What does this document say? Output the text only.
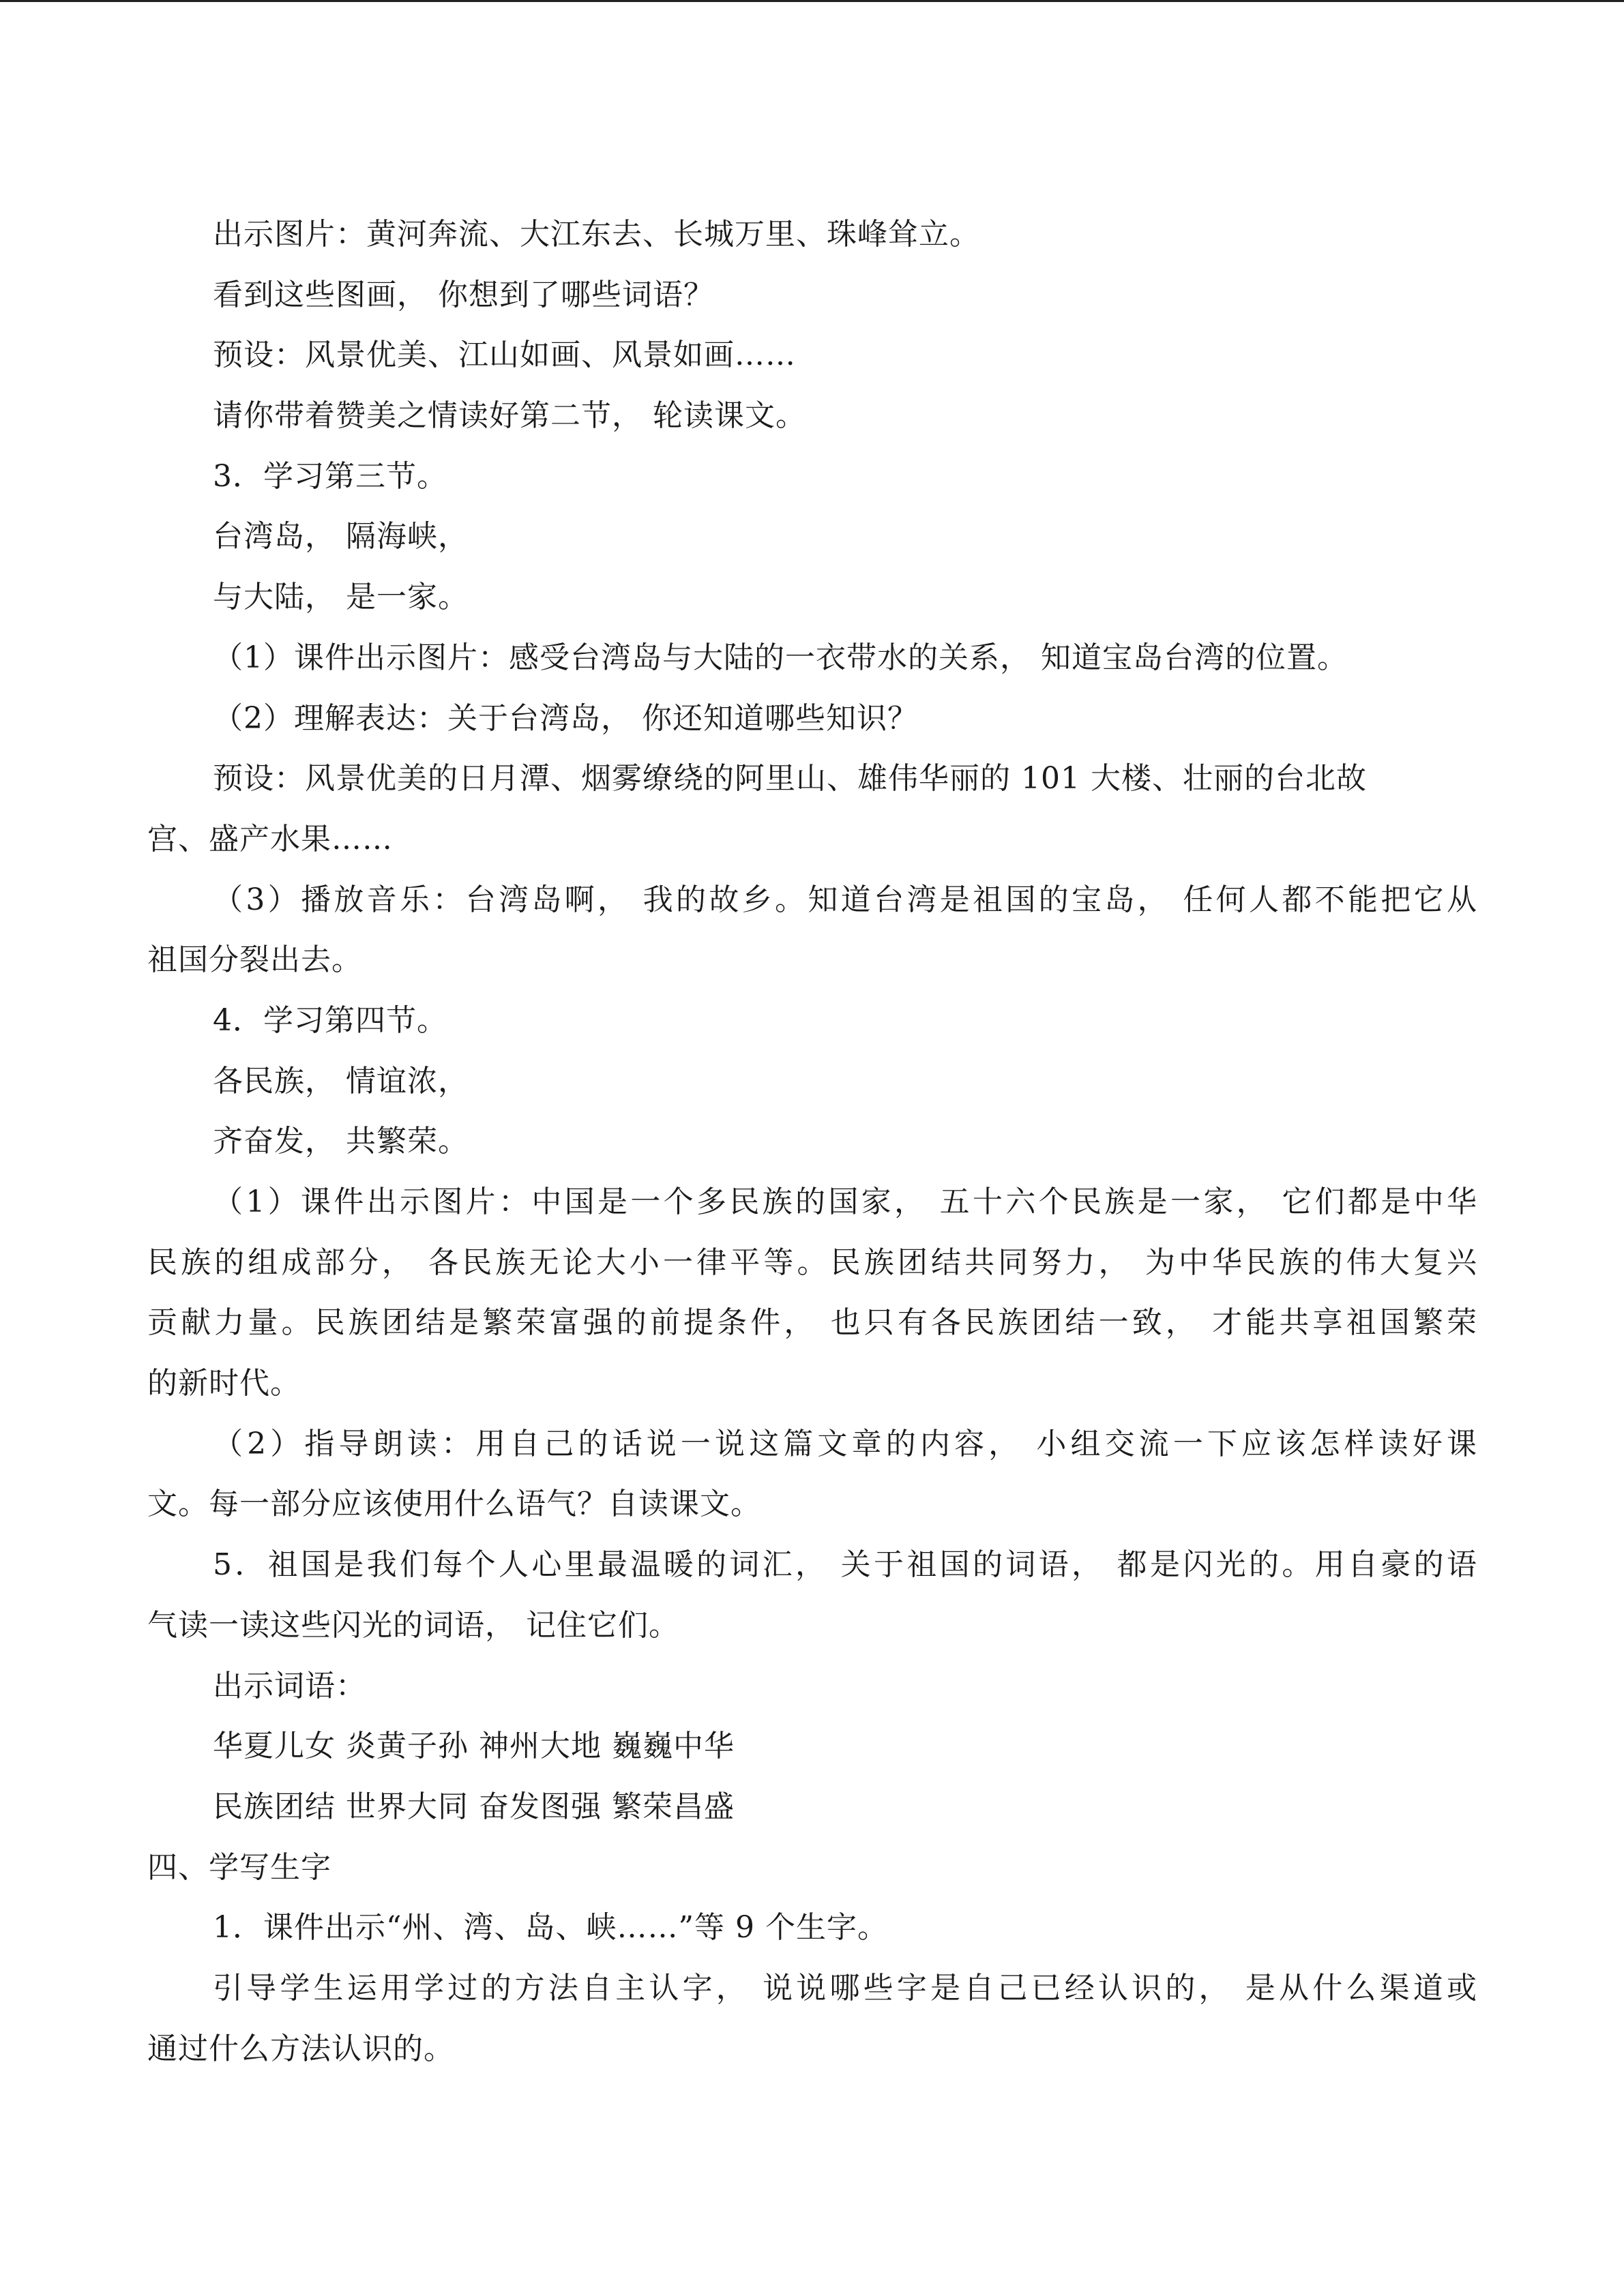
出示图片：黄河奔流、大江东去、长城万里、珠峰耸立。
看到这些图画， 你想到了哪些词语？
预设：风景优美、江山如画、风景如画……
请你带着赞美之情读好第二节， 轮读课文。
3．学习第三节。
台湾岛， 隔海峡，
与大陆， 是一家。
（1）课件出示图片：感受台湾岛与大陆的一衣带水的关系， 知道宝岛台湾的位置。
（2）理解表达：关于台湾岛， 你还知道哪些知识？
预设：风景优美的日月潭、烟雾缭绕的阿里山、雄伟华丽的 101 大楼、壮丽的台北故
宫、盛产水果……
（3）播放音乐：台湾岛啊， 我的故乡。知道台湾是祖国的宝岛， 任何人都不能把它从
祖国分裂出去。
4．学习第四节。
各民族， 情谊浓，
齐奋发， 共繁荣。
（1）课件出示图片：中国是一个多民族的国家， 五十六个民族是一家， 它们都是中华
民族的组成部分， 各民族无论大小一律平等。民族团结共同努力， 为中华民族的伟大复兴
贡献力量。民族团结是繁荣富强的前提条件， 也只有各民族团结一致， 才能共享祖国繁荣
的新时代。
（2）指导朗读：用自己的话说一说这篇文章的内容， 小组交流一下应该怎样读好课
文。每一部分应该使用什么语气？自读课文。
5．祖国是我们每个人心里最温暖的词汇， 关于祖国的词语， 都是闪光的。用自豪的语
气读一读这些闪光的词语， 记住它们。
出示词语：
华夏儿女 炎黄子孙 神州大地 巍巍中华
民族团结 世界大同 奋发图强 繁荣昌盛
四、学写生字
1．课件出示“州、湾、岛、峡……”等 9 个生字。
引导学生运用学过的方法自主认字， 说说哪些字是自己已经认识的， 是从什么渠道或
通过什么方法认识的。
